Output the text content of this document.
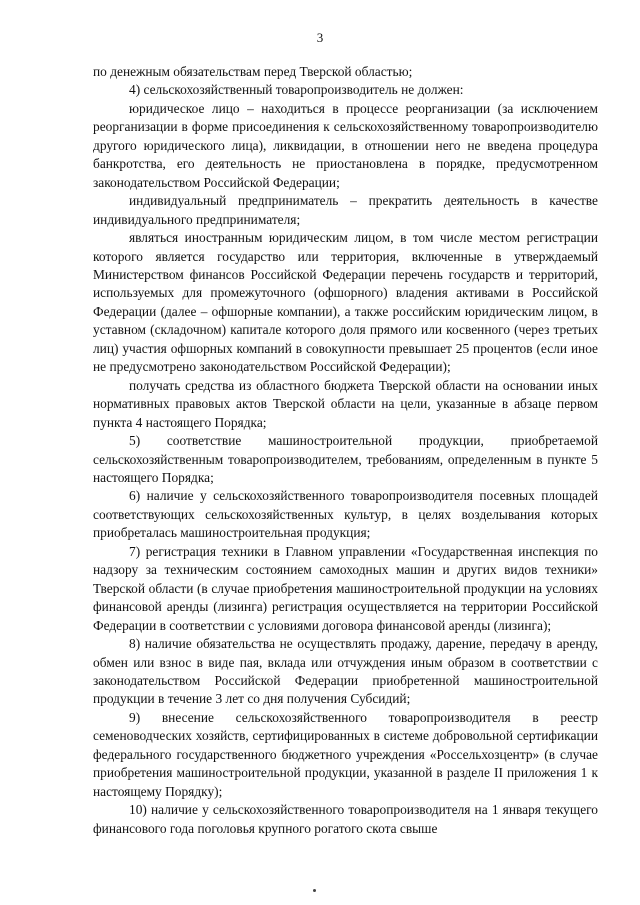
3

по денежным обязательствам перед Тверской областью;

4) сельскохозяйственный товаропроизводитель не должен:

юридическое лицо – находиться в процессе реорганизации (за исключением реорганизации в форме присоединения к сельскохозяйственному товаропроизводителю другого юридического лица), ликвидации, в отношении него не введена процедура банкротства, его деятельность не приостановлена в порядке, предусмотренном законодательством Российской Федерации;

индивидуальный предприниматель – прекратить деятельность в качестве индивидуального предпринимателя;

являться иностранным юридическим лицом, в том числе местом регистрации которого является государство или территория, включенные в утверждаемый Министерством финансов Российской Федерации перечень государств и территорий, используемых для промежуточного (офшорного) владения активами в Российской Федерации (далее – офшорные компании), а также российским юридическим лицом, в уставном (складочном) капитале которого доля прямого или косвенного (через третьих лиц) участия офшорных компаний в совокупности превышает 25 процентов (если иное не предусмотрено законодательством Российской Федерации);

получать средства из областного бюджета Тверской области на основании иных нормативных правовых актов Тверской области на цели, указанные в абзаце первом пункта 4 настоящего Порядка;

5) соответствие машиностроительной продукции, приобретаемой сельскохозяйственным товаропроизводителем, требованиям, определенным в пункте 5 настоящего Порядка;

6) наличие у сельскохозяйственного товаропроизводителя посевных площадей соответствующих сельскохозяйственных культур, в целях возделывания которых приобреталась машиностроительная продукция;

7) регистрация техники в Главном управлении «Государственная инспекция по надзору за техническим состоянием самоходных машин и других видов техники» Тверской области (в случае приобретения машиностроительной продукции на условиях финансовой аренды (лизинга) регистрация осуществляется на территории Российской Федерации в соответствии с условиями договора финансовой аренды (лизинга);

8) наличие обязательства не осуществлять продажу, дарение, передачу в аренду, обмен или взнос в виде пая, вклада или отчуждения иным образом в соответствии с законодательством Российской Федерации приобретенной машиностроительной продукции в течение 3 лет со дня получения Субсидий;

9) внесение сельскохозяйственного товаропроизводителя в реестр семеноводческих хозяйств, сертифицированных в системе добровольной сертификации федерального государственного бюджетного учреждения «Россельхозцентр» (в случае приобретения машиностроительной продукции, указанной в разделе II приложения 1 к настоящему Порядку);

10) наличие у сельскохозяйственного товаропроизводителя на 1 января текущего финансового года поголовья крупного рогатого скота свыше
